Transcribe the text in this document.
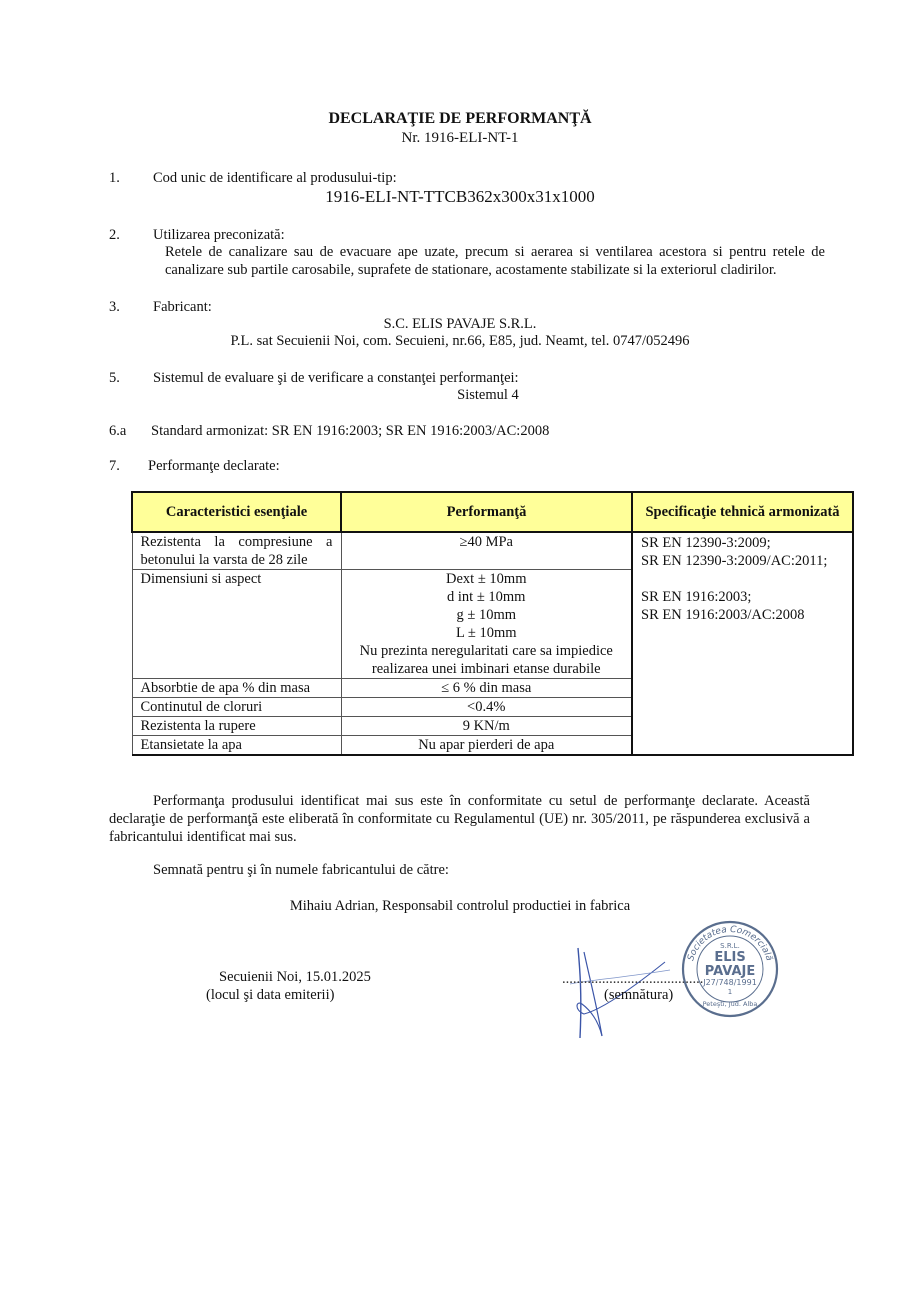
DECLARAŢIE DE PERFORMANŢĂ
Nr. 1916-ELI-NT-1
1. Cod unic de identificare al produsului-tip:
1916-ELI-NT-TTCB362x300x31x1000
2. Utilizarea preconizată:
Retele de canalizare sau de evacuare ape uzate, precum si aerarea si ventilarea acestora si pentru retele de canalizare sub partile carosabile, suprafete de stationare, acostamente stabilizate si la exteriorul cladirilor.
3. Fabricant:
S.C. ELIS PAVAJE S.R.L.
P.L. sat Secuienii Noi, com. Secuieni, nr.66, E85, jud. Neamt, tel. 0747/052496
5. Sistemul de evaluare şi de verificare a constanţei performanţei:
Sistemul 4
6.a Standard armonizat: SR EN 1916:2003; SR EN 1916:2003/AC:2008
7. Performanţe declarate:
Caracteristici esenţiale	Performanţă	Specificaţie tehnică armonizată
Rezistenta la compresiune a betonului la varsta de 28 zile	≥40 MPa	SR EN 12390-3:2009;
SR EN 12390-3:2009/AC:2011;
SR EN 1916:2003;
SR EN 1916:2003/AC:2008

Dimensiuni si aspect	Dext ± 10mm
d int ± 10mm
g ± 10mm
L ± 10mm
Nu prezinta neregularitati care sa impiedice realizarea unei imbinari etanse durabile	

Absorbtie de apa % din masa	≤ 6 % din masa	
Continutul de cloruri	<0.4%	
Rezistenta la rupere	9 KN/m	
Etansietate la apa	Nu apar pierderi de apa	
Performanţa produsului identificat mai sus este în conformitate cu setul de performanţe declarate. Această declaraţie de performanţă este eliberată în conformitate cu Regulamentul (UE) nr. 305/2011, pe răspunderea exclusivă a fabricantului identificat mai sus.
Semnată pentru şi în numele fabricantului de către:
Mihaiu Adrian, Responsabil controlul productiei in fabrica
Secuienii Noi, 15.01.2025
(locul şi data emiterii)
.......................................
(semnătura)
Societatea Comercială
S.R.L.
ELIS
PAVAJE
J27/748/1991
1
Peteşti, Jud. Alba
